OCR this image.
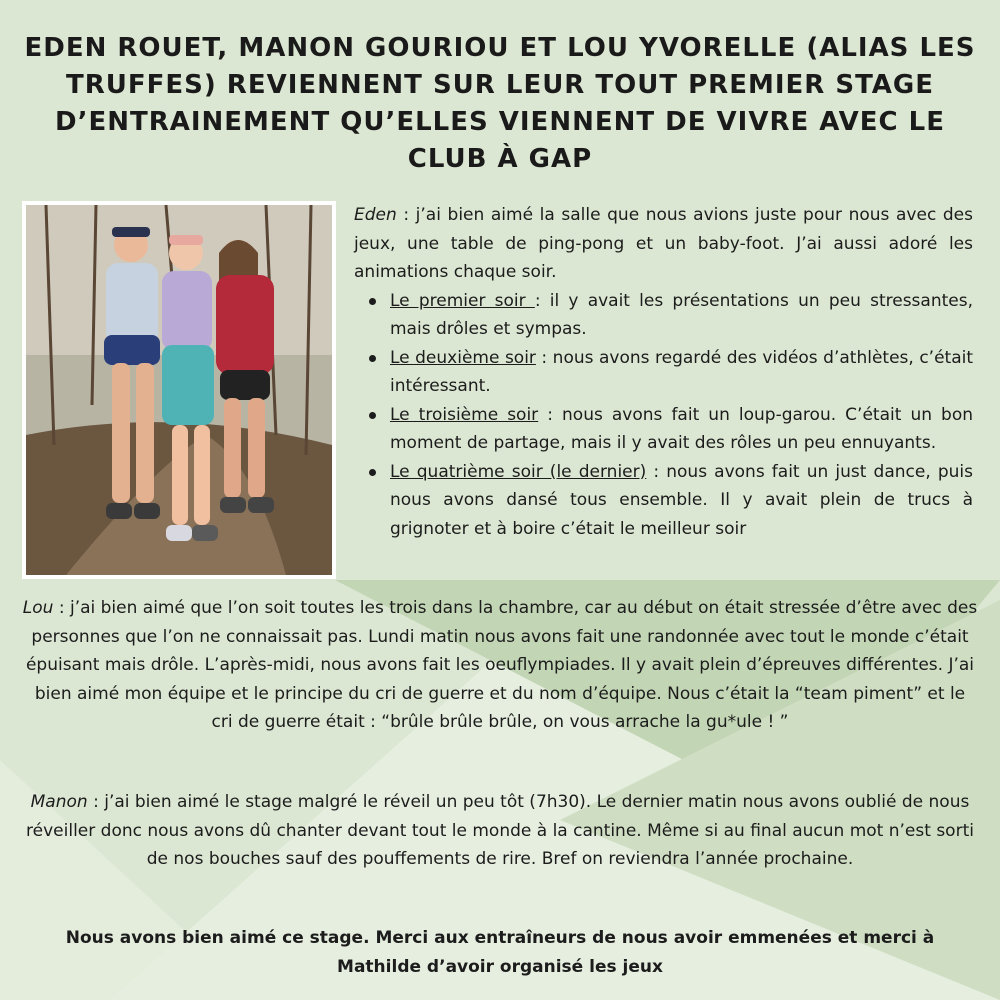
EDEN ROUET, MANON GOURIOU ET LOU YVORELLE (ALIAS LES TRUFFES) REVIENNENT SUR LEUR TOUT PREMIER STAGE D’ENTRAINEMENT QU’ELLES VIENNENT DE VIVRE AVEC LE CLUB À GAP

Eden : j’ai bien aimé la salle que nous avions juste pour nous avec des jeux, une table de ping-pong et un baby-foot. J’ai aussi adoré les animations chaque soir.

Le premier soir : il y avait les présentations un peu stressantes, mais drôles et sympas.
Le deuxième soir : nous avons regardé des vidéos d’athlètes, c’était intéressant.
Le troisième soir : nous avons fait un loup-garou. C’était un bon moment de partage, mais il y avait des rôles un peu ennuyants.
Le quatrième soir (le dernier) : nous avons fait un just dance, puis nous avons dansé tous ensemble. Il y avait plein de trucs à grignoter et à boire c’était le meilleur soir

Lou : j’ai bien aimé que l’on soit toutes les trois dans la chambre, car au début on était stressée d’être avec des personnes que l’on ne connaissait pas. Lundi matin nous avons fait une randonnée avec tout le monde c’était épuisant mais drôle. L’après-midi, nous avons fait les oeuflympiades. Il y avait plein d’épreuves différentes. J’ai bien aimé mon équipe et le principe du cri de guerre et du nom d’équipe. Nous c’était la “team piment” et le cri de guerre était : “brûle brûle brûle, on vous arrache la gu*ule ! ”

Manon : j’ai bien aimé le stage malgré le réveil un peu tôt (7h30). Le dernier matin nous avons oublié de nous réveiller donc nous avons dû chanter devant tout le monde à la cantine. Même si au final aucun mot n’est sorti de nos bouches sauf des pouffements de rire. Bref on reviendra l’année prochaine.

Nous avons bien aimé ce stage. Merci aux entraîneurs de nous avoir emmenées et merci à Mathilde d’avoir organisé les jeux
